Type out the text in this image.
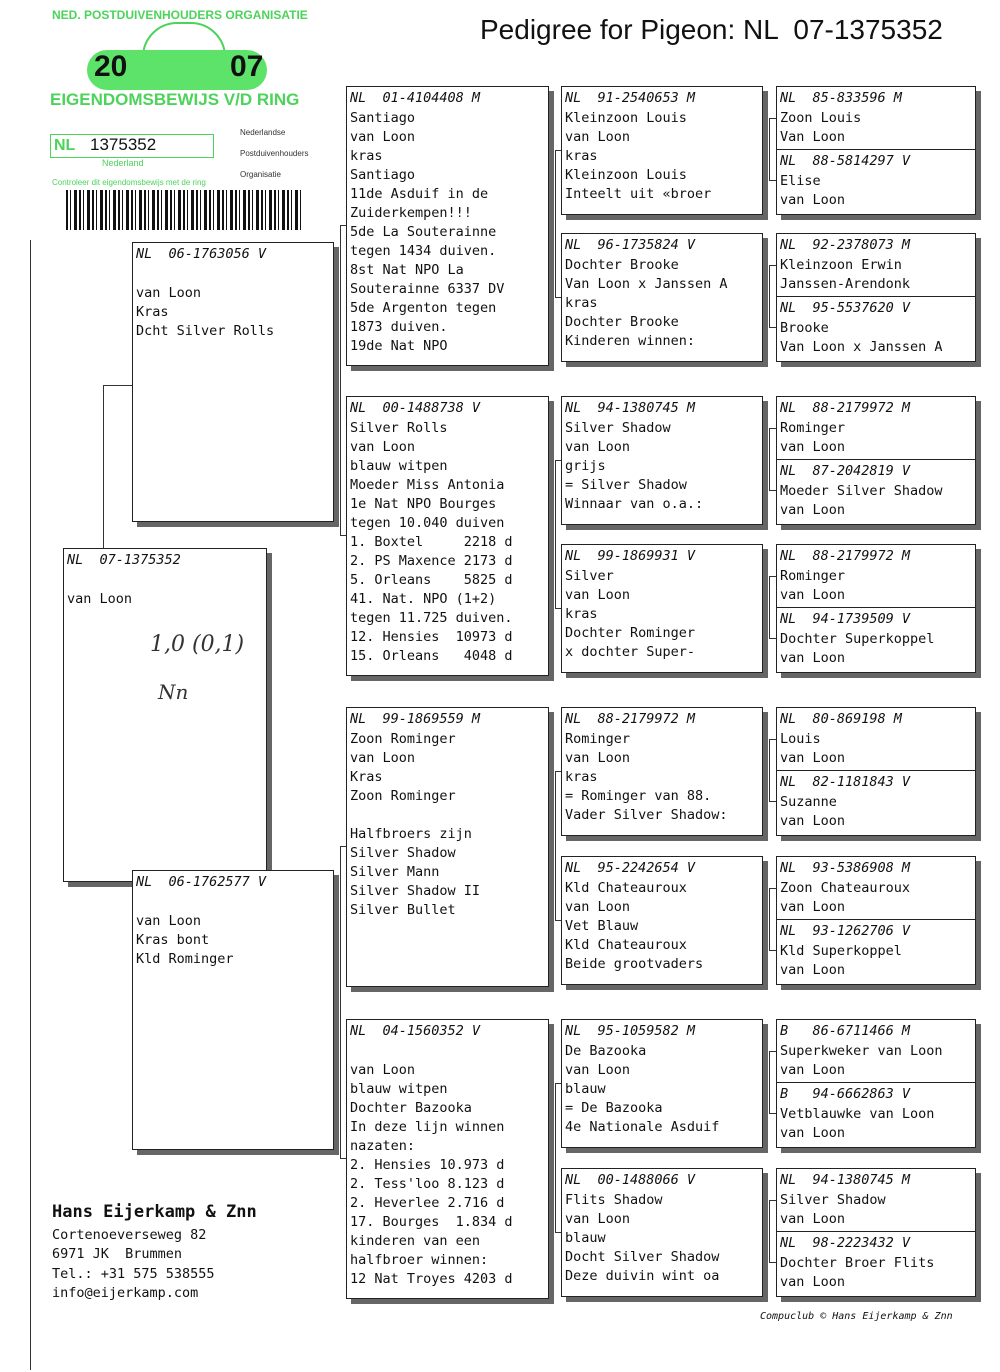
Pedigree for Pigeon: NL  07-1375352
NED. POSTDUIVENHOUDERS ORGANISATIE
20	07
EIGENDOMSBEWIJS V/D RING
NL 1375352
Nederland
Nederlandse
Postduivenhouders
Organisatie
Controleer dit eigendomsbewijs met de ring
NL  07-1375352

van Loon
1,0 (0,1)
Nn
NL  06-1763056 V

van Loon
Kras
Dcht Silver Rolls
NL  06-1762577 V

van Loon
Kras bont
Kld Rominger
NL  01-4104408 M
Santiago
van Loon
kras
Santiago
11de Asduif in de
Zuiderkempen!!!
5de La Souterainne
tegen 1434 duiven.
8st Nat NPO La
Souterainne 6337 DV
5de Argenton tegen
1873 duiven.
19de Nat NPO
NL  00-1488738 V
Silver Rolls
van Loon
blauw witpen
Moeder Miss Antonia
1e Nat NPO Bourges
tegen 10.040 duiven
1. Boxtel     2218 d
2. PS Maxence 2173 d
5. Orleans    5825 d
41. Nat. NPO (1+2)
tegen 11.725 duiven.
12. Hensies  10973 d
15. Orleans   4048 d
NL  99-1869559 M
Zoon Rominger
van Loon
Kras
Zoon Rominger

Halfbroers zijn
Silver Shadow
Silver Mann
Silver Shadow II
Silver Bullet
NL  04-1560352 V

van Loon
blauw witpen
Dochter Bazooka
In deze lijn winnen
nazaten:
2. Hensies 10.973 d
2. Tess'loo 8.123 d
2. Heverlee 2.716 d
17. Bourges  1.834 d
kinderen van een
halfbroer winnen:
12 Nat Troyes 4203 d
NL  91-2540653 M
Kleinzoon Louis
van Loon
kras
Kleinzoon Louis
Inteelt uit «broer
NL  96-1735824 V
Dochter Brooke
Van Loon x Janssen A
kras
Dochter Brooke
Kinderen winnen:
NL  94-1380745 M
Silver Shadow
van Loon
grijs
= Silver Shadow
Winnaar van o.a.:
NL  99-1869931 V
Silver
van Loon
kras
Dochter Rominger
x dochter Super-
NL  88-2179972 M
Rominger
van Loon
kras
= Rominger van 88.
Vader Silver Shadow:
NL  95-2242654 V
Kld Chateauroux
van Loon
Vet Blauw
Kld Chateauroux
Beide grootvaders
NL  95-1059582 M
De Bazooka
van Loon
blauw
= De Bazooka
4e Nationale Asduif
NL  00-1488066 V
Flits Shadow
van Loon
blauw
Docht Silver Shadow
Deze duivin wint oa
NL  85-833596 M
Zoon Louis
Van Loon
NL  88-5814297 V
Elise
van Loon
NL  92-2378073 M
Kleinzoon Erwin
Janssen-Arendonk
NL  95-5537620 V
Brooke
Van Loon x Janssen A
NL  88-2179972 M
Rominger
van Loon
NL  87-2042819 V
Moeder Silver Shadow
van Loon
NL  88-2179972 M
Rominger
van Loon
NL  94-1739509 V
Dochter Superkoppel
van Loon
NL  80-869198 M
Louis
van Loon
NL  82-1181843 V
Suzanne
van Loon
NL  93-5386908 M
Zoon Chateauroux
van Loon
NL  93-1262706 V
Kld Superkoppel
van Loon
B   86-6711466 M
Superkweker van Loon
van Loon
B   94-6662863 V
Vetblauwke van Loon
van Loon
NL  94-1380745 M
Silver Shadow
van Loon
NL  98-2223432 V
Dochter Broer Flits
van Loon
Hans Eijerkamp & Znn
Cortenoeverseweg 82
6971 JK  Brummen
Tel.: +31 575 538555
info@eijerkamp.com
Compuclub © Hans Eijerkamp & Znn
